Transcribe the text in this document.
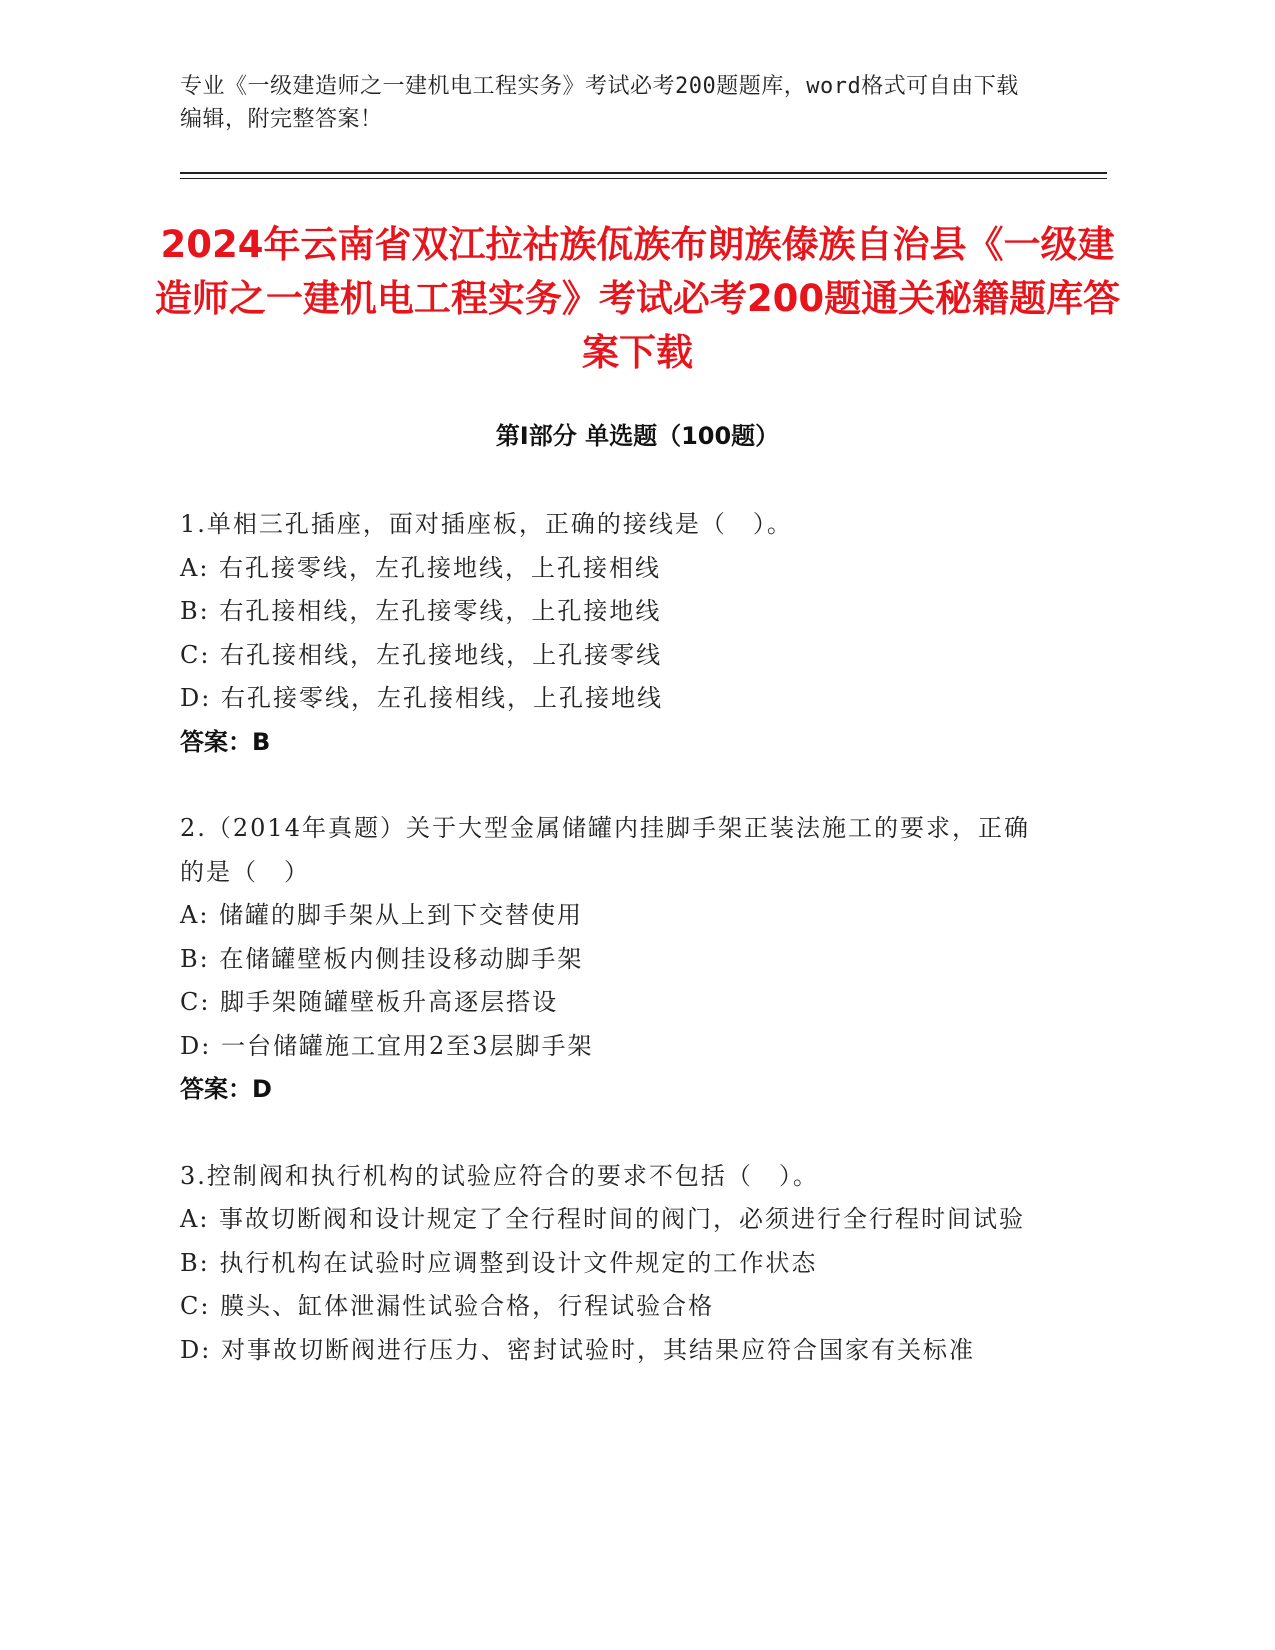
专业《一级建造师之一建机电工程实务》考试必考200题题库，word格式可自由下载编辑，附完整答案！
2024年云南省双江拉祜族佤族布朗族傣族自治县《一级建造师之一建机电工程实务》考试必考200题通关秘籍题库答案下载
第Ⅰ部分 单选题（100题）
1.单相三孔插座，面对插座板，正确的接线是（　）。
A: 右孔接零线，左孔接地线，上孔接相线
B: 右孔接相线，左孔接零线，上孔接地线
C: 右孔接相线，左孔接地线，上孔接零线
D: 右孔接零线，左孔接相线，上孔接地线
答案：B
2.（2014年真题）关于大型金属储罐内挂脚手架正装法施工的要求，正确的是（　）
A: 储罐的脚手架从上到下交替使用
B: 在储罐壁板内侧挂设移动脚手架
C: 脚手架随罐壁板升高逐层搭设
D: 一台储罐施工宜用2至3层脚手架
答案：D
3.控制阀和执行机构的试验应符合的要求不包括（　）。
A: 事故切断阀和设计规定了全行程时间的阀门，必须进行全行程时间试验
B: 执行机构在试验时应调整到设计文件规定的工作状态
C: 膜头、缸体泄漏性试验合格，行程试验合格
D: 对事故切断阀进行压力、密封试验时，其结果应符合国家有关标准
